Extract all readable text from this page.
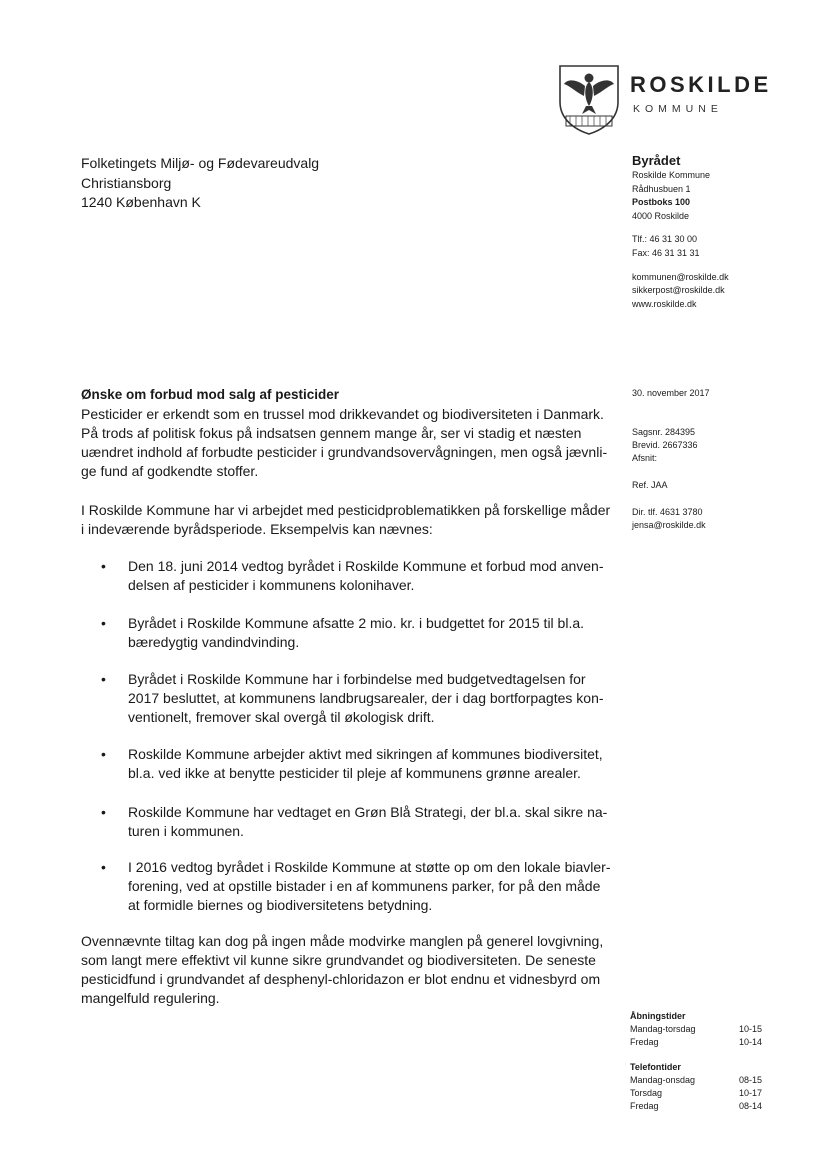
ROSKILDE
KOMMUNE
Folketingets Miljø- og Fødevareudvalg
Christiansborg
1240 København K
Byrådet
Roskilde Kommune
Rådhusbuen 1
Postboks 100
4000 Roskilde
Tlf.: 46 31 30 00
Fax: 46 31 31 31
kommunen@roskilde.dk
sikkerpost@roskilde.dk
www.roskilde.dk
30. november 2017
Sagsnr. 284395
Brevid. 2667336
Afsnit:
Ref. JAA
Dir. tlf. 4631 3780
jensa@roskilde.dk
Ønske om forbud mod salg af pesticider
Pesticider er erkendt som en trussel mod drikkevandet og biodiversiteten i Danmark.
På trods af politisk fokus på indsatsen gennem mange år, ser vi stadig et næsten
uændret indhold af forbudte pesticider i grundvandsovervågningen, men også jævnli-
ge fund af godkendte stoffer.
I Roskilde Kommune har vi arbejdet med pesticidproblematikken på forskellige måder
i indeværende byrådsperiode. Eksempelvis kan nævnes:
•	Den 18. juni 2014 vedtog byrådet i Roskilde Kommune et forbud mod anven-
delsen af pesticider i kommunens kolonihaver.
•	Byrådet i Roskilde Kommune afsatte 2 mio. kr. i budgettet for 2015 til bl.a.
bæredygtig vandindvinding.
•	Byrådet i Roskilde Kommune har i forbindelse med budgetvedtagelsen for
2017 besluttet, at kommunens landbrugsarealer, der i dag bortforpagtes kon-
ventionelt, fremover skal overgå til økologisk drift.
•	Roskilde Kommune arbejder aktivt med sikringen af kommunes biodiversitet,
bl.a. ved ikke at benytte pesticider til pleje af kommunens grønne arealer.
•	Roskilde Kommune har vedtaget en Grøn Blå Strategi, der bl.a. skal sikre na-
turen i kommunen.
•	I 2016 vedtog byrådet i Roskilde Kommune at støtte op om den lokale biavler-
forening, ved at opstille bistader i en af kommunens parker, for på den måde
at formidle biernes og biodiversitetens betydning.
Ovennævnte tiltag kan dog på ingen måde modvirke manglen på generel lovgivning,
som langt mere effektivt vil kunne sikre grundvandet og biodiversiteten. De seneste
pesticidfund i grundvandet af desphenyl-chloridazon er blot endnu et vidnesbyrd om
mangelfuld regulering.
Åbningstider
Mandag-torsdag	10-15
Fredag	10-14
Telefontider
Mandag-onsdag	08-15
Torsdag	10-17
Fredag	08-14
